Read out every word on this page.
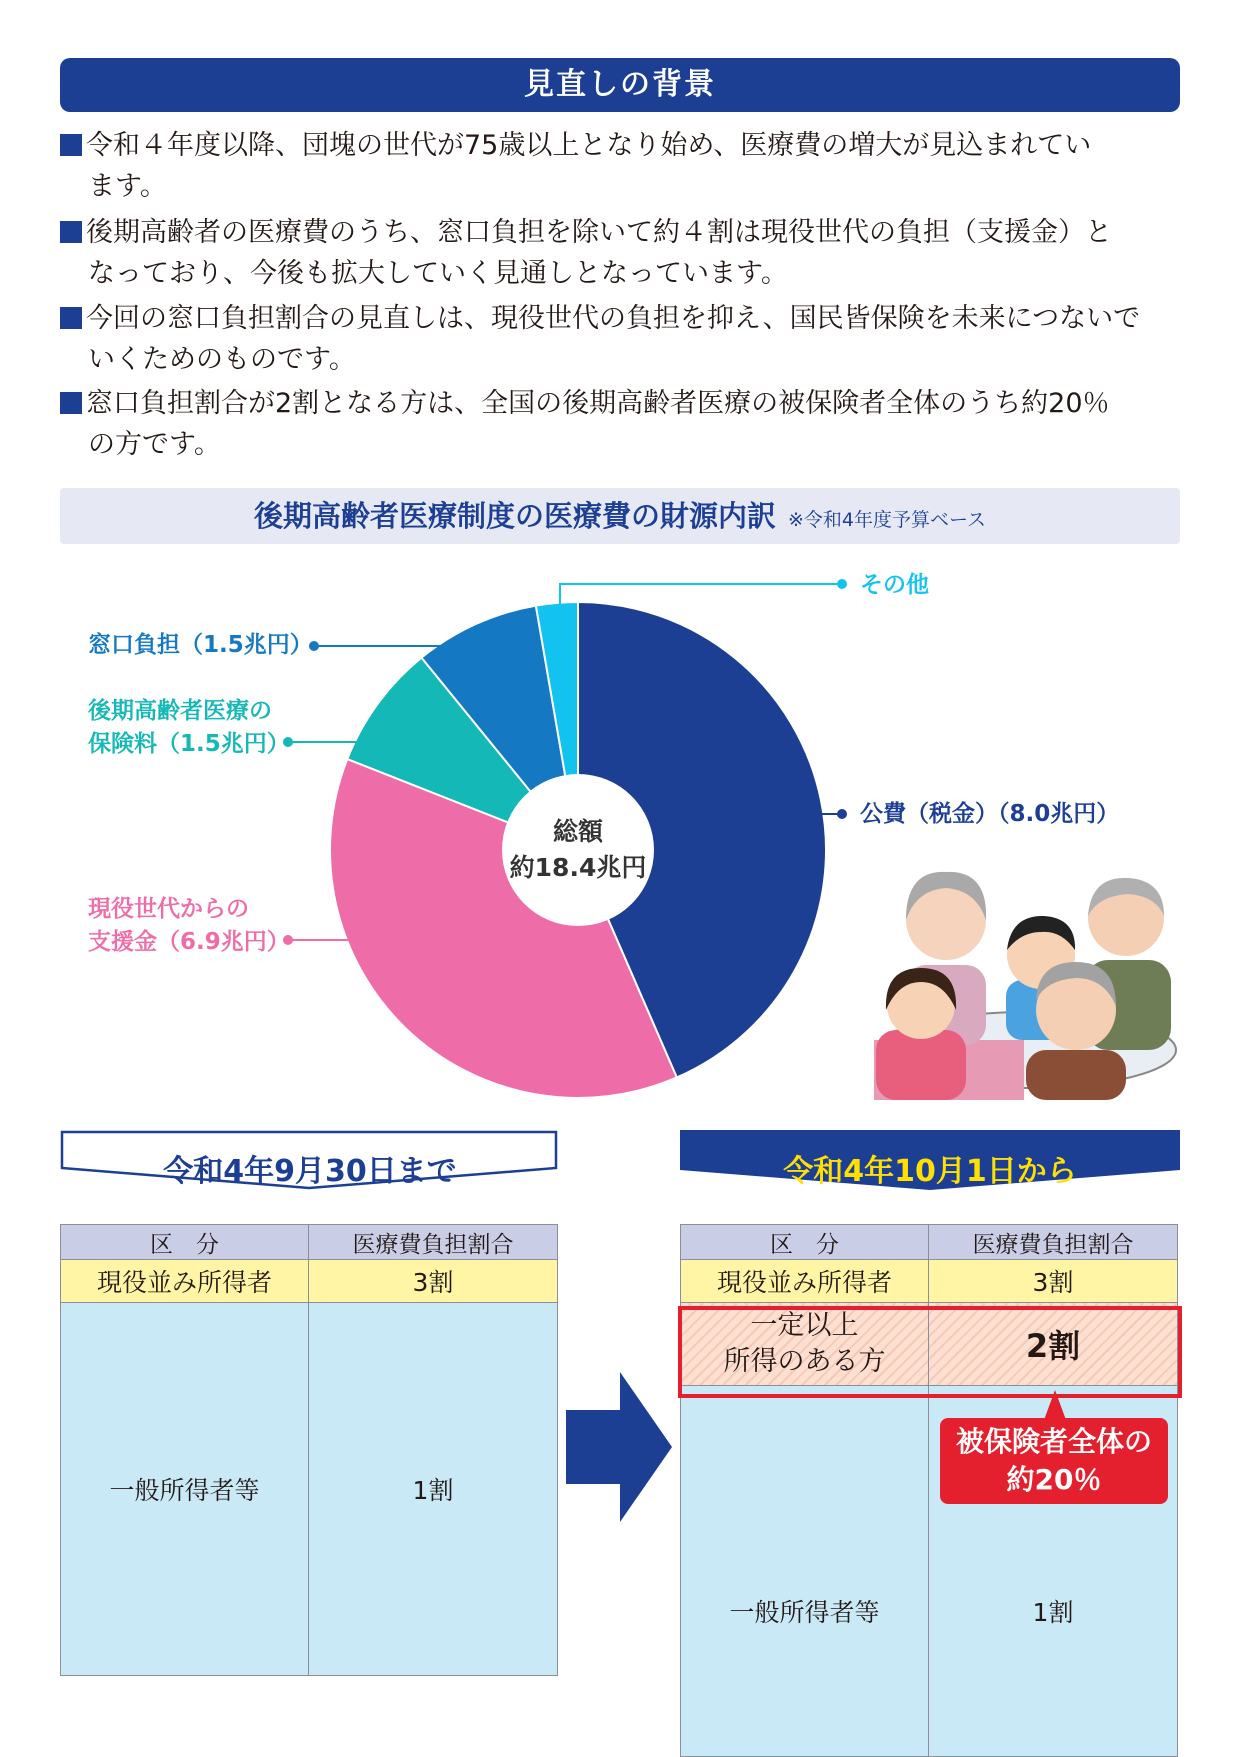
見直しの背景
令和４年度以降、団塊の世代が75歳以上となり始め、医療費の増大が見込まれてい
ます。
後期高齢者の医療費のうち、窓口負担を除いて約４割は現役世代の負担（支援金）と
なっており、今後も拡大していく見通しとなっています。
今回の窓口負担割合の見直しは、現役世代の負担を抑え、国民皆保険を未来につないで
いくためのものです。
窓口負担割合が2割となる方は、全国の後期高齢者医療の被保険者全体のうち約20％
の方です。
後期高齢者医療制度の医療費の財源内訳 ※令和4年度予算ベース
総額
約18.4兆円
公費（税金）（8.0兆円）
現役世代からの
支援金（6.9兆円）
後期高齢者医療の
保険料（1.5兆円）
窓口負担（1.5兆円）
その他
令和4年9月30日まで	令和4年10月1日から
区　分	医療費負担割合
現役並み所得者	3割
一般所得者等	1割
区　分	医療費負担割合
現役並み所得者	3割

一定以上
所得のある方	2割
一般所得者等	1割
被保険者全体の
約20％
